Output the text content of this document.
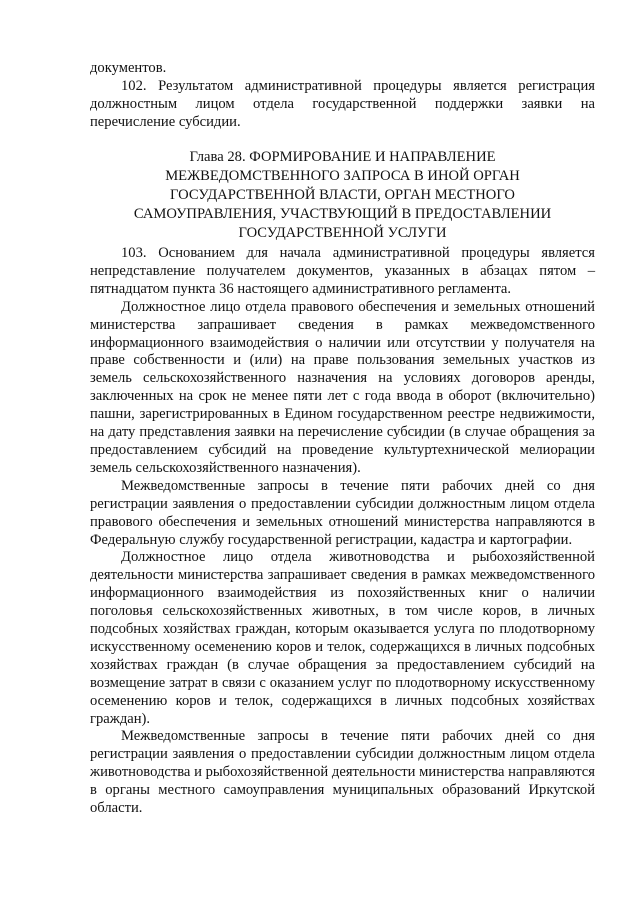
документов.

102. Результатом административной процедуры является регистрация должностным лицом отдела государственной поддержки заявки на перечисление субсидии.

Глава 28. ФОРМИРОВАНИЕ И НАПРАВЛЕНИЕ
МЕЖВЕДОМСТВЕННОГО ЗАПРОСА В ИНОЙ ОРГАН
ГОСУДАРСТВЕННОЙ ВЛАСТИ, ОРГАН МЕСТНОГО
САМОУПРАВЛЕНИЯ, УЧАСТВУЮЩИЙ В ПРЕДОСТАВЛЕНИИ
ГОСУДАРСТВЕННОЙ УСЛУГИ

103. Основанием для начала административной процедуры является непредставление получателем документов, указанных в абзацах пятом – пятнадцатом пункта 36 настоящего административного регламента.

Должностное лицо отдела правового обеспечения и земельных отношений министерства запрашивает сведения в рамках межведомственного информационного взаимодействия о наличии или отсутствии у получателя на праве собственности и (или) на праве пользования земельных участков из земель сельскохозяйственного назначения на условиях договоров аренды, заключенных на срок не менее пяти лет с года ввода в оборот (включительно) пашни, зарегистрированных в Едином государственном реестре недвижимости, на дату представления заявки на перечисление субсидии (в случае обращения за предоставлением субсидий на проведение культуртехнической мелиорации земель сельскохозяйственного назначения).

Межведомственные запросы в течение пяти рабочих дней со дня регистрации заявления о предоставлении субсидии должностным лицом отдела правового обеспечения и земельных отношений министерства направляются в Федеральную службу государственной регистрации, кадастра и картографии.

Должностное лицо отдела животноводства и рыбохозяйственной деятельности министерства запрашивает сведения в рамках межведомственного информационного взаимодействия из похозяйственных книг о наличии поголовья сельскохозяйственных животных, в том числе коров, в личных подсобных хозяйствах граждан, которым оказывается услуга по плодотворному искусственному осеменению коров и телок, содержащихся в личных подсобных хозяйствах граждан (в случае обращения за предоставлением субсидий на возмещение затрат в связи с оказанием услуг по плодотворному искусственному осеменению коров и телок, содержащихся в личных подсобных хозяйствах граждан).

Межведомственные запросы в течение пяти рабочих дней со дня регистрации заявления о предоставлении субсидии должностным лицом отдела животноводства и рыбохозяйственной деятельности министерства направляются в органы местного самоуправления муниципальных образований Иркутской области.
